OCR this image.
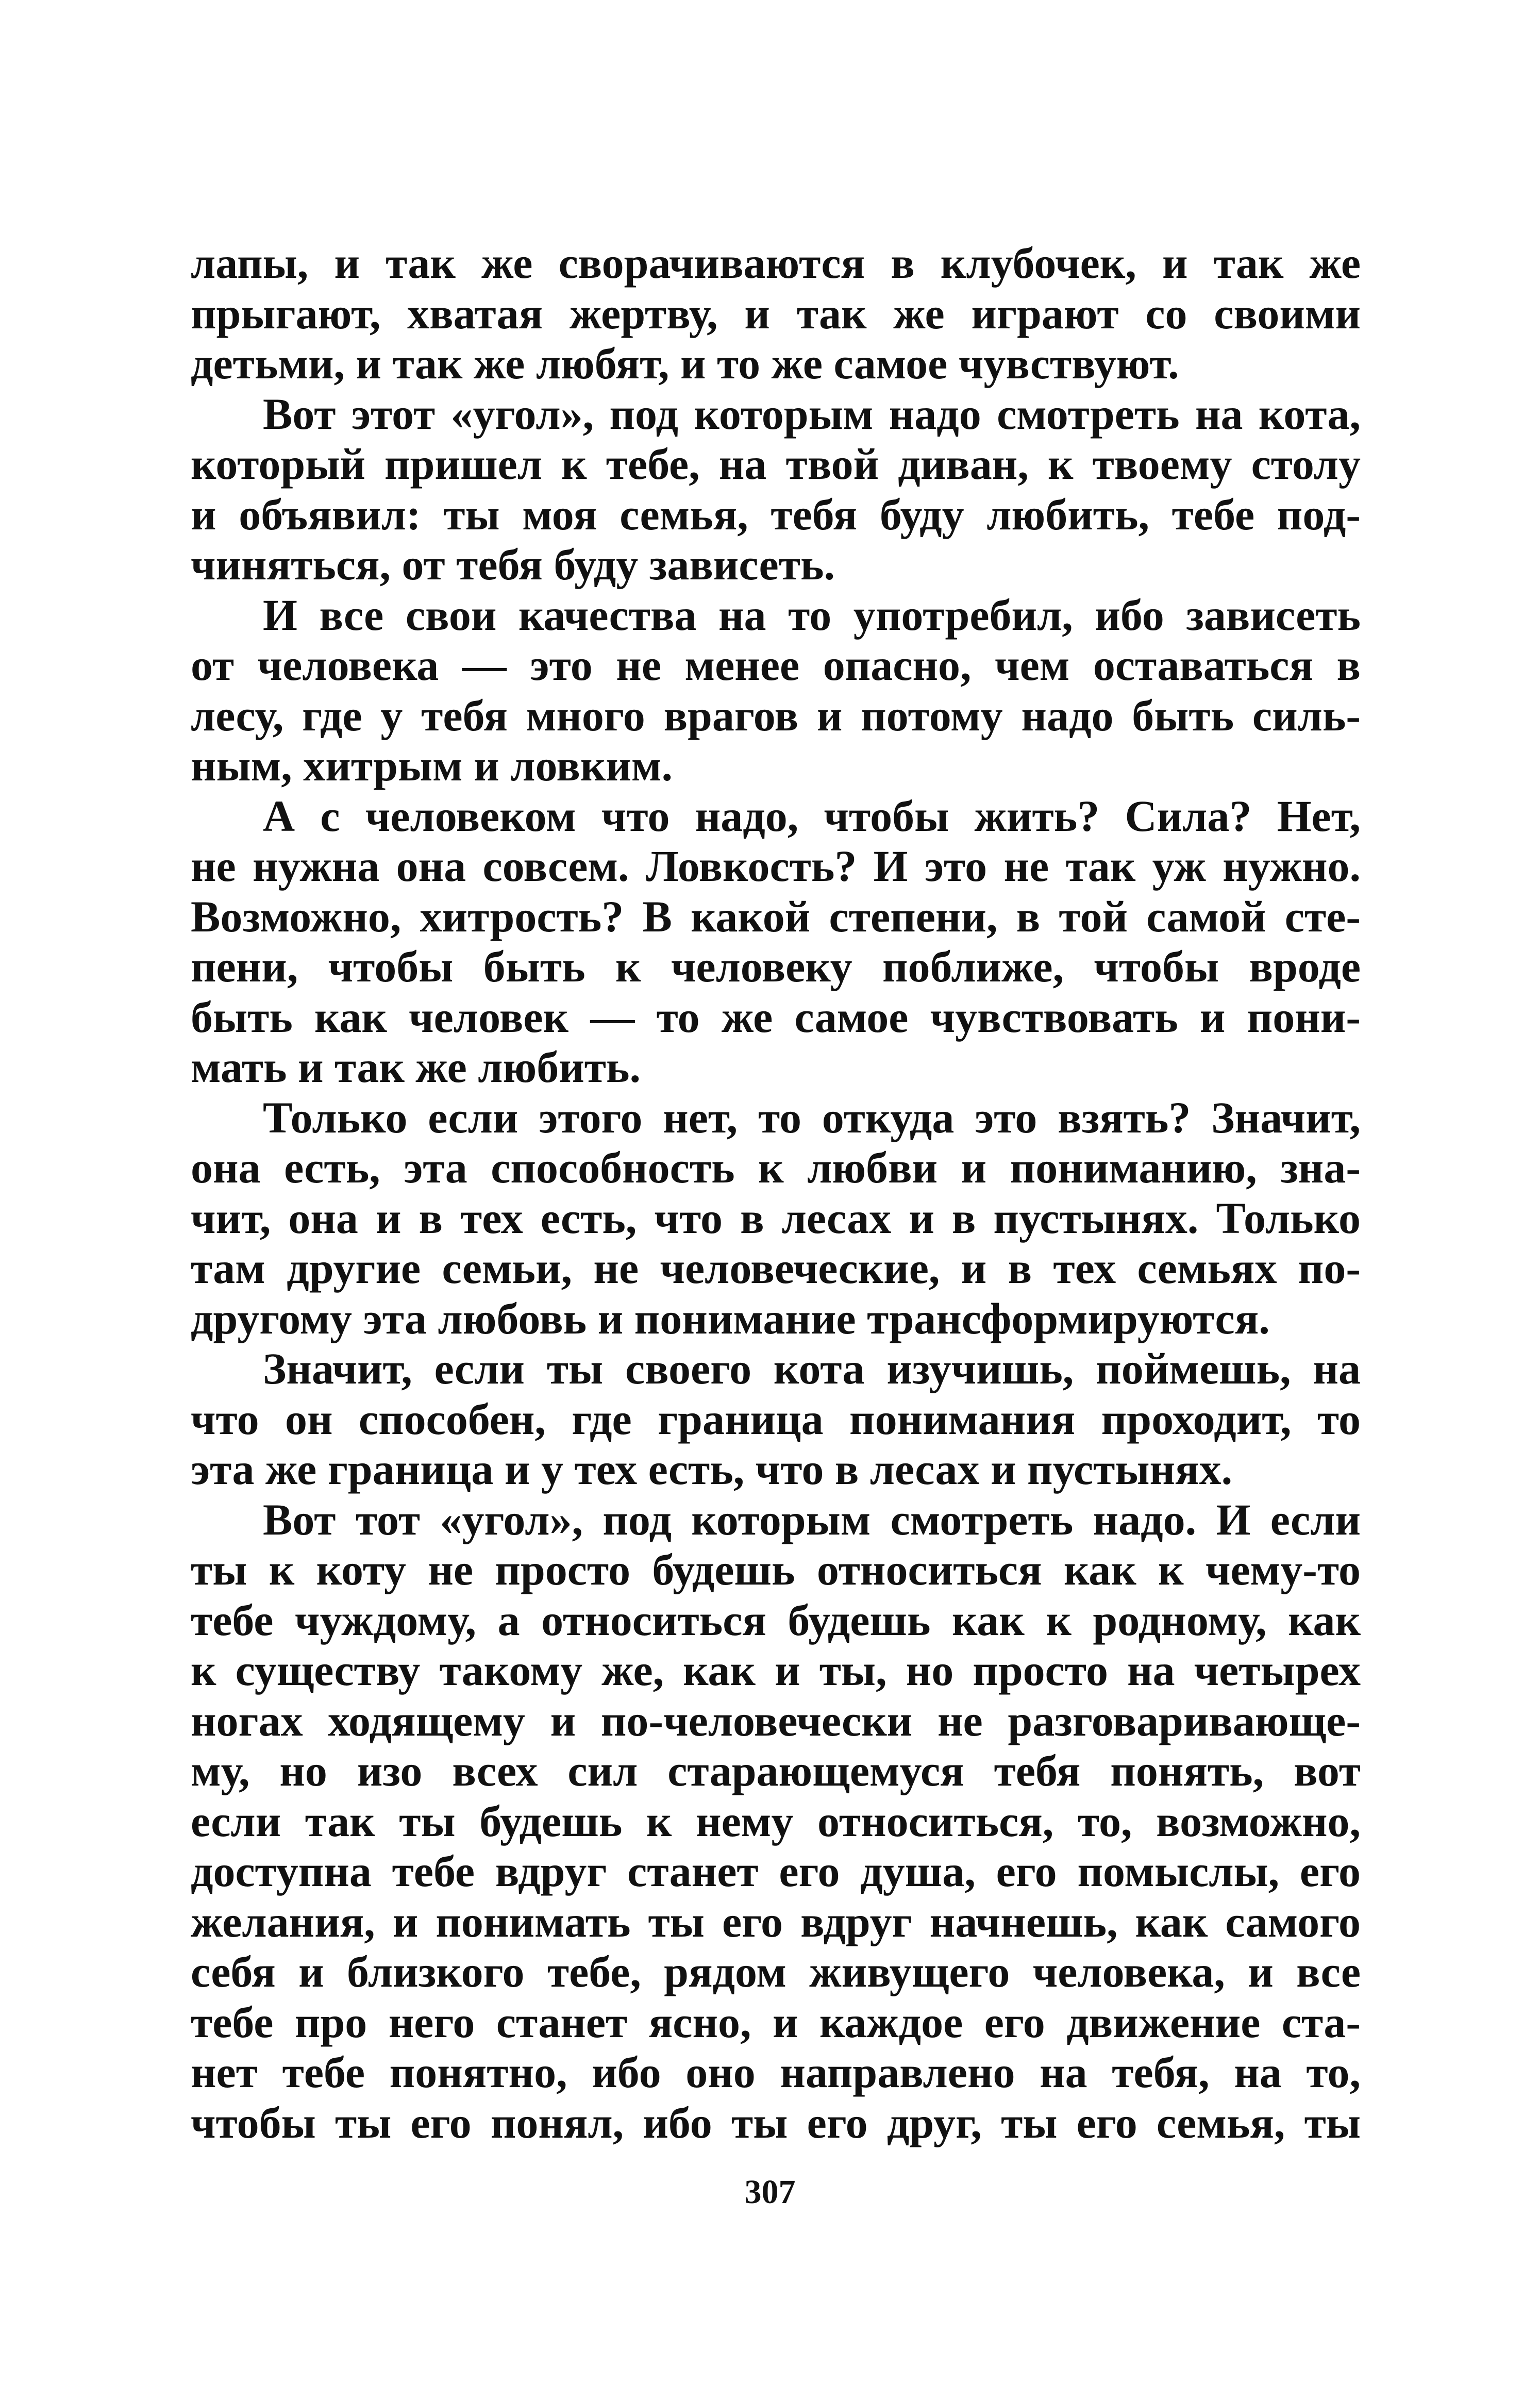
лапы, и так же сворачиваются в клубочек, и так же
прыгают, хватая жертву, и так же играют со своими
детьми, и так же любят, и то же самое чувствуют.
Вот этот «угол», под которым надо смотреть на кота,
который пришел к тебе, на твой диван, к твоему столу
и объявил: ты моя семья, тебя буду любить, тебе под-
чиняться, от тебя буду зависеть.
И все свои качества на то употребил, ибо зависеть
от человека — это не менее опасно, чем оставаться в
лесу, где у тебя много врагов и потому надо быть силь-
ным, хитрым и ловким.
А с человеком что надо, чтобы жить? Сила? Нет,
не нужна она совсем. Ловкость? И это не так уж нужно.
Возможно, хитрость? В какой степени, в той самой сте-
пени, чтобы быть к человеку поближе, чтобы вроде
быть как человек — то же самое чувствовать и пони-
мать и так же любить.
Только если этого нет, то откуда это взять? Значит,
она есть, эта способность к любви и пониманию, зна-
чит, она и в тех есть, что в лесах и в пустынях. Только
там другие семьи, не человеческие, и в тех семьях по-
другому эта любовь и понимание трансформируются.
Значит, если ты своего кота изучишь, поймешь, на
что он способен, где граница понимания проходит, то
эта же граница и у тех есть, что в лесах и пустынях.
Вот тот «угол», под которым смотреть надо. И если
ты к коту не просто будешь относиться как к чему-то
тебе чуждому, а относиться будешь как к родному, как
к существу такому же, как и ты, но просто на четырех
ногах ходящему и по-человечески не разговаривающе-
му, но изо всех сил старающемуся тебя понять, вот
если так ты будешь к нему относиться, то, возможно,
доступна тебе вдруг станет его душа, его помыслы, его
желания, и понимать ты его вдруг начнешь, как самого
себя и близкого тебе, рядом живущего человека, и все
тебе про него станет ясно, и каждое его движение ста-
нет тебе понятно, ибо оно направлено на тебя, на то,
чтобы ты его понял, ибо ты его друг, ты его семья, ты
307
